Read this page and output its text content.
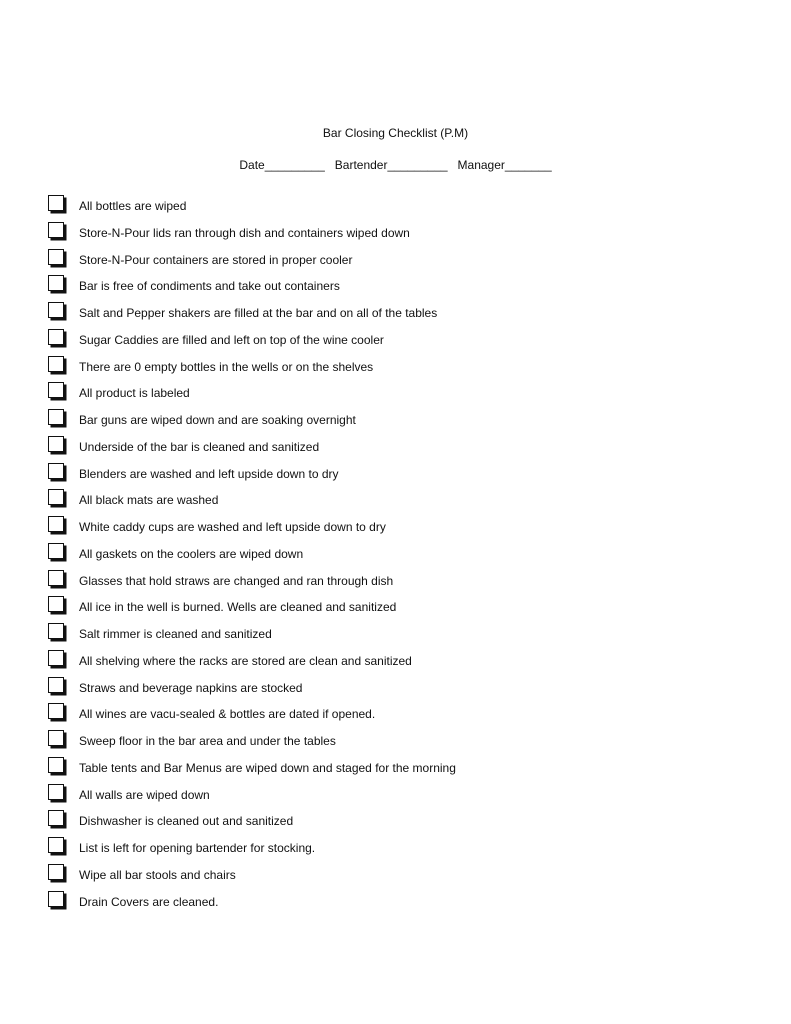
Bar Closing Checklist (P.M)
Date_________   Bartender_________   Manager_______
All bottles are wiped
Store-N-Pour lids ran through dish and containers wiped down
Store-N-Pour containers are stored in proper cooler
Bar is free of condiments and take out containers
Salt and Pepper shakers are filled at the bar and on all of the tables
Sugar Caddies are filled and left on top of the wine cooler
There are 0 empty bottles in the wells or on the shelves
All product is labeled
Bar guns are wiped down and are soaking overnight
Underside of the bar is cleaned and sanitized
Blenders are washed and left upside down to dry
All black mats are washed
White caddy cups are washed and left upside down to dry
All gaskets on the coolers are wiped down
Glasses that hold straws are changed and ran through dish
All ice in the well is burned. Wells are cleaned and sanitized
Salt rimmer is cleaned and sanitized
All shelving where the racks are stored are clean and sanitized
Straws and beverage napkins are stocked
All wines are vacu-sealed & bottles are dated if opened.
Sweep floor in the bar area and under the tables
Table tents and Bar Menus are wiped down and staged for the morning
All walls are wiped down
Dishwasher is cleaned out and sanitized
List is left for opening bartender for stocking.
Wipe all bar stools and chairs
Drain Covers are cleaned.
